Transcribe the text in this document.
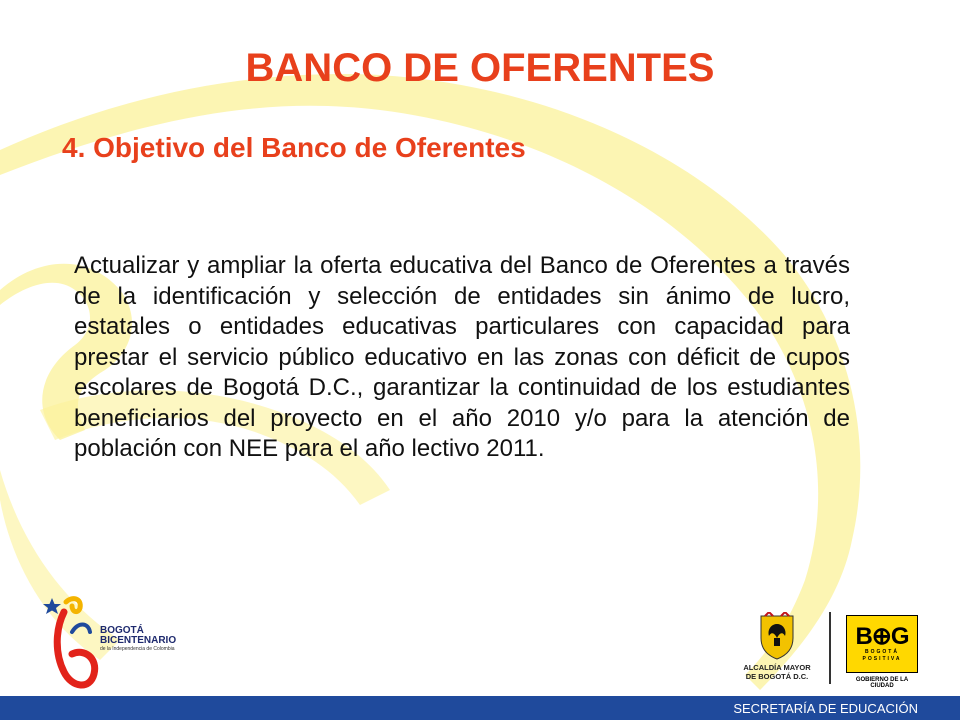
BANCO DE OFERENTES
4. Objetivo del Banco de Oferentes
Actualizar y ampliar la oferta educativa del Banco de Oferentes a través de la identificación y selección de entidades sin ánimo de lucro, estatales o entidades educativas particulares con capacidad para prestar el servicio público educativo en las zonas con déficit de cupos escolares de Bogotá D.C., garantizar la continuidad de los estudiantes beneficiarios del proyecto en el año 2010 y/o para la atención de población con NEE para el año lectivo 2011.
BOGOTÁ
BICENTENARIO
de la Independencia de Colombia
ALCALDÍA MAYOR
DE BOGOTÁ D.C.
B⊕G
BOGOTÁ
POSITIVA
GOBIERNO DE LA CIUDAD
SECRETARÍA DE EDUCACIÓN
